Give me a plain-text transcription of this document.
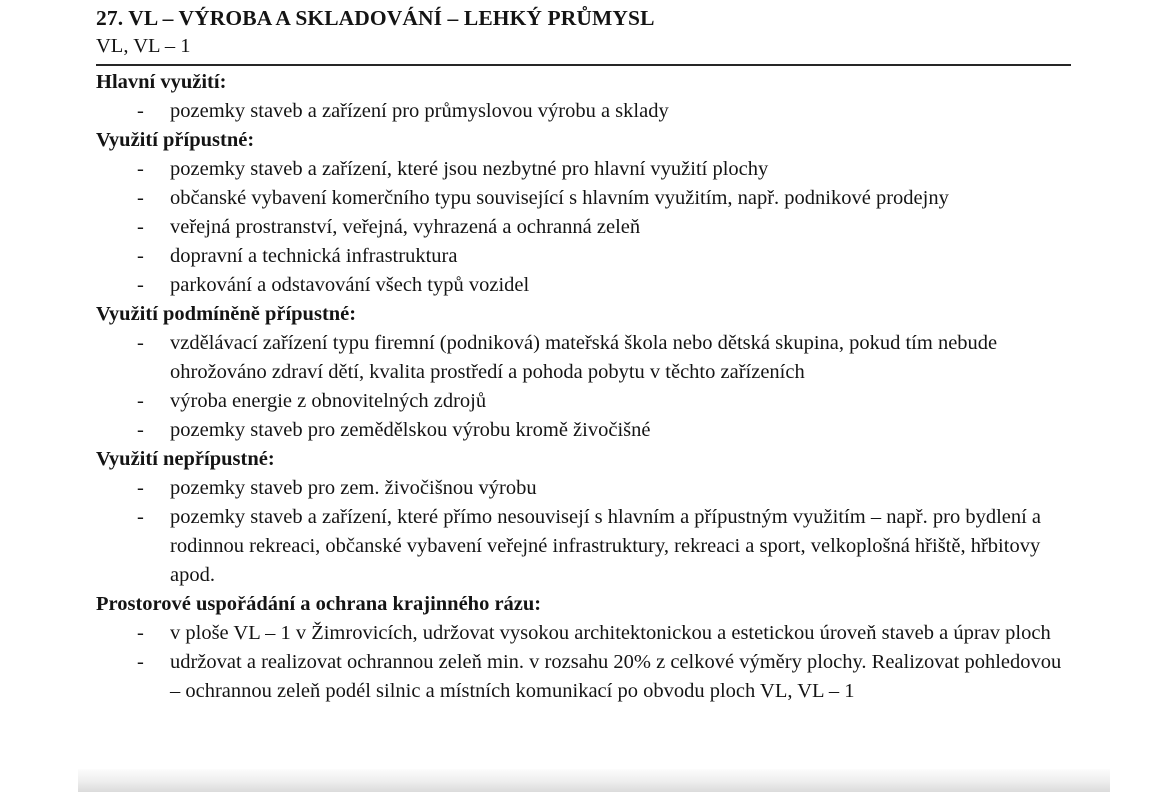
27. VL – VÝROBA A SKLADOVÁNÍ – LEHKÝ PRŮMYSL
VL, VL – 1
Hlavní využití:
- pozemky staveb a zařízení pro průmyslovou výrobu a sklady
Využití přípustné:
- pozemky staveb a zařízení, které jsou nezbytné pro hlavní využití plochy
- občanské vybavení komerčního typu související s hlavním využitím, např. podnikové prodejny
- veřejná prostranství, veřejná, vyhrazená a ochranná zeleň
- dopravní a technická infrastruktura
- parkování a odstavování všech typů vozidel
Využití podmíněně přípustné:
- vzdělávací zařízení typu firemní (podniková) mateřská škola nebo dětská skupina, pokud tím nebude ohrožováno zdraví dětí, kvalita prostředí a pohoda pobytu v těchto zařízeních
- výroba energie z obnovitelných zdrojů
- pozemky staveb pro zemědělskou výrobu kromě živočišné
Využití nepřípustné:
- pozemky staveb pro zem. živočišnou výrobu
- pozemky staveb a zařízení, které přímo nesouvisejí s hlavním a přípustným využitím – např. pro bydlení a rodinnou rekreaci, občanské vybavení veřejné infrastruktury, rekreaci a sport, velkoplošná hřiště, hřbitovy apod.
Prostorové uspořádání a ochrana krajinného rázu:
- v ploše VL – 1 v Žimrovicích, udržovat vysokou architektonickou a estetickou úroveň staveb a úprav ploch
- udržovat a realizovat ochrannou zeleň min. v rozsahu 20% z celkové výměry plochy. Realizovat pohledovou – ochrannou zeleň podél silnic a místních komunikací po obvodu ploch VL, VL – 1
